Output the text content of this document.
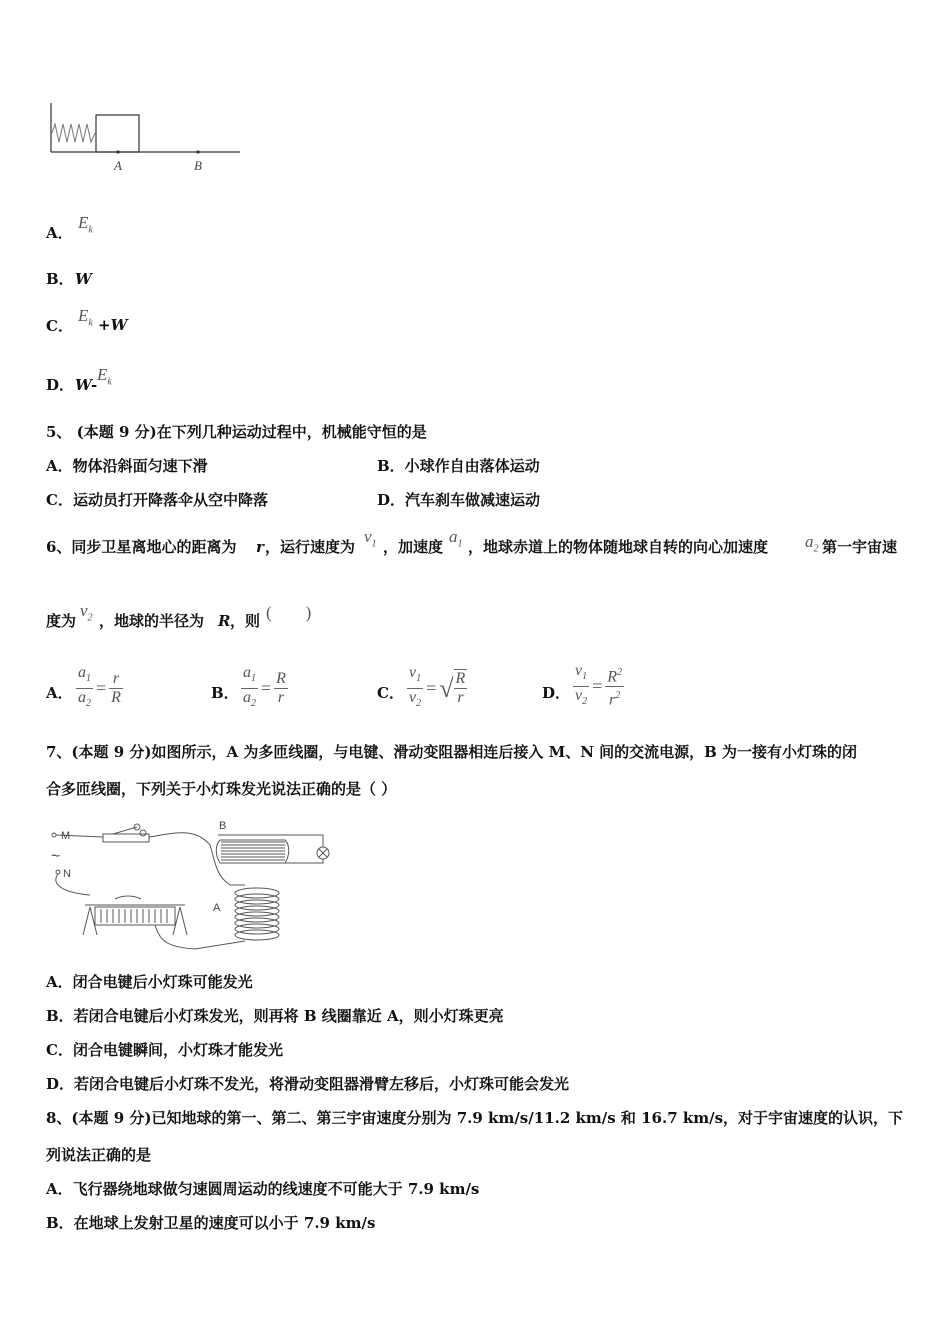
A	B
A．
$E_k$
B． W
C．
$E_k +W$
D． W-
$E_k$
5、 (本题 9 分)在下列几种运动过程中，机械能守恒的是
A．物体沿斜面匀速下滑	B．小球作自由落体运动
C．运动员打开降落伞从空中降落	D．汽车刹车做减速运动
6、同步卫星离地心的距离为 r ，运行速度为
$v_1$ ，加速度
$a_1$ ，地球赤道上的物体随地球自转的向心加速度 $a_2$ 第一宇宙速
度为
$v_2$ ，地球的半径为 R ，则 (        )
A． $\frac{a_1}{a_2} = \frac{r}{R}$	B． $\frac{a_1}{a_2} = \frac{R}{r}$	C． $\frac{v_1}{v_2}$ = √ $\frac{R}{r}$	D． $\frac{v_1}{v_2} = \frac{R^2}{r^2}$
7、(本题 9 分)如图所示，A 为多匝线圈，与电键、滑动变阻器相连后接入 M、N 间的交流电源，B 为一接有小灯珠的闭
合多匝线圈，下列关于小灯珠发光说法正确的是（ ）
M
~
N
B
A
A．闭合电键后小灯珠可能发光
B．若闭合电键后小灯珠发光，则再将 B 线圈靠近 A，则小灯珠更亮
C．闭合电键瞬间，小灯珠才能发光
D．若闭合电键后小灯珠不发光，将滑动变阻器滑臂左移后，小灯珠可能会发光
8、(本题 9 分)已知地球的第一、第二、第三宇宙速度分别为 7.9 km/s/11.2 km/s 和 16.7 km/s，对于宇宙速度的认识，下
列说法正确的是
A．飞行器绕地球做匀速圆周运动的线速度不可能大于 7.9 km/s
B．在地球上发射卫星的速度可以小于 7.9 km/s
